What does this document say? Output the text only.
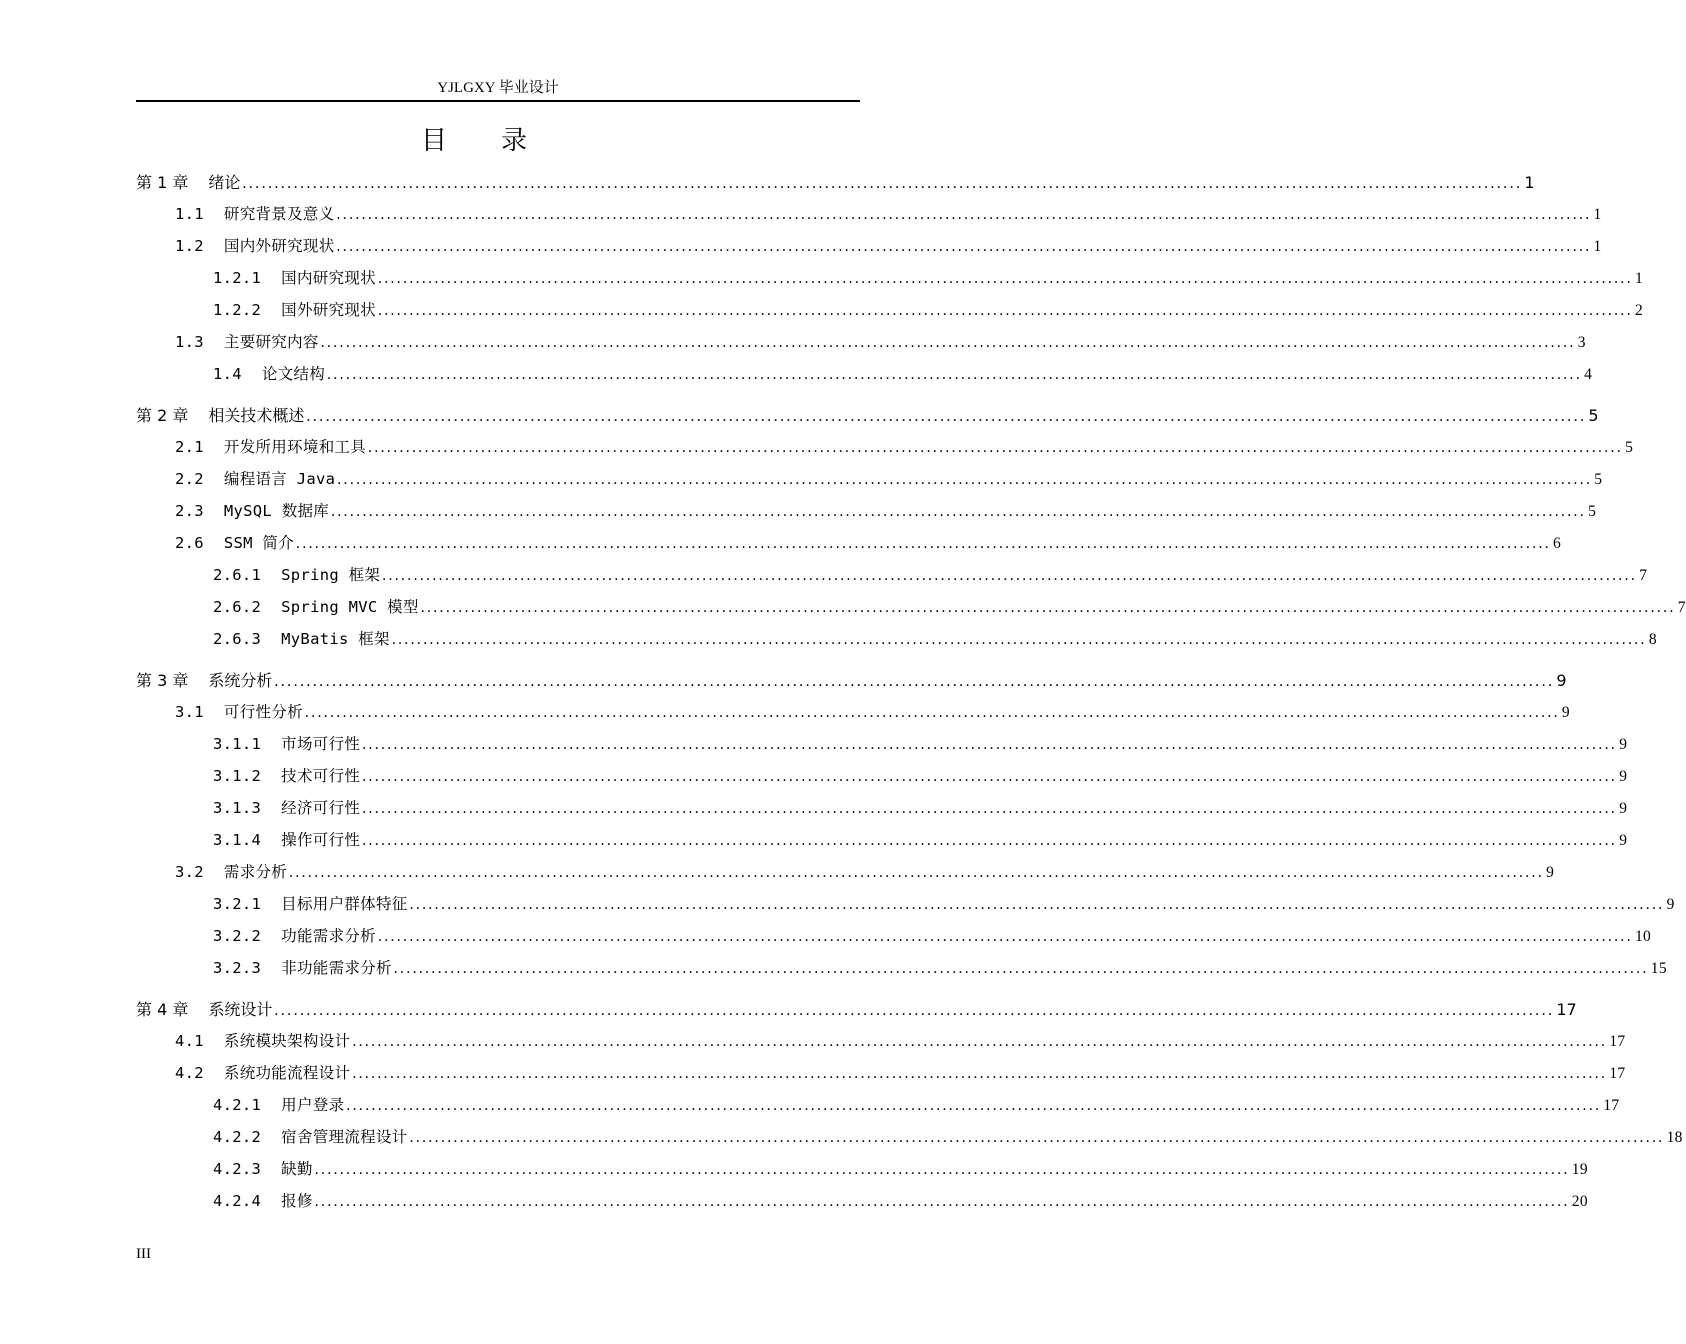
YJLGXY 毕业设计
目 录
第 1 章 绪论 ........................................................................................................................................................................................................ 1
1.1 研究背景及意义 ........................................................................................................................................................................................................ 1
1.2 国内外研究现状 ........................................................................................................................................................................................................ 1
1.2.1 国内研究现状 ........................................................................................................................................................................................................ 1
1.2.2 国外研究现状 ........................................................................................................................................................................................................ 2
1.3 主要研究内容 ........................................................................................................................................................................................................ 3
1.4 论文结构 ........................................................................................................................................................................................................ 4
第 2 章 相关技术概述 ........................................................................................................................................................................................................ 5
2.1 开发所用环境和工具 ........................................................................................................................................................................................................ 5
2.2 编程语言 Java ........................................................................................................................................................................................................ 5
2.3 MySQL 数据库 ........................................................................................................................................................................................................ 5
2.6 SSM 简介 ........................................................................................................................................................................................................ 6
2.6.1 Spring 框架 ........................................................................................................................................................................................................ 7
2.6.2 Spring MVC 模型 ........................................................................................................................................................................................................ 7
2.6.3 MyBatis 框架 ........................................................................................................................................................................................................ 8
第 3 章 系统分析 ........................................................................................................................................................................................................ 9
3.1 可行性分析 ........................................................................................................................................................................................................ 9
3.1.1 市场可行性 ........................................................................................................................................................................................................ 9
3.1.2 技术可行性 ........................................................................................................................................................................................................ 9
3.1.3 经济可行性 ........................................................................................................................................................................................................ 9
3.1.4 操作可行性 ........................................................................................................................................................................................................ 9
3.2 需求分析 ........................................................................................................................................................................................................ 9
3.2.1 目标用户群体特征 ........................................................................................................................................................................................................ 9
3.2.2 功能需求分析 ........................................................................................................................................................................................................ 10
3.2.3 非功能需求分析 ........................................................................................................................................................................................................ 15
第 4 章 系统设计 ........................................................................................................................................................................................................ 17
4.1 系统模块架构设计 ........................................................................................................................................................................................................ 17
4.2 系统功能流程设计 ........................................................................................................................................................................................................ 17
4.2.1 用户登录 ........................................................................................................................................................................................................ 17
4.2.2 宿舍管理流程设计 ........................................................................................................................................................................................................ 18
4.2.3 缺勤 ........................................................................................................................................................................................................ 19
4.2.4 报修 ........................................................................................................................................................................................................ 20
III
